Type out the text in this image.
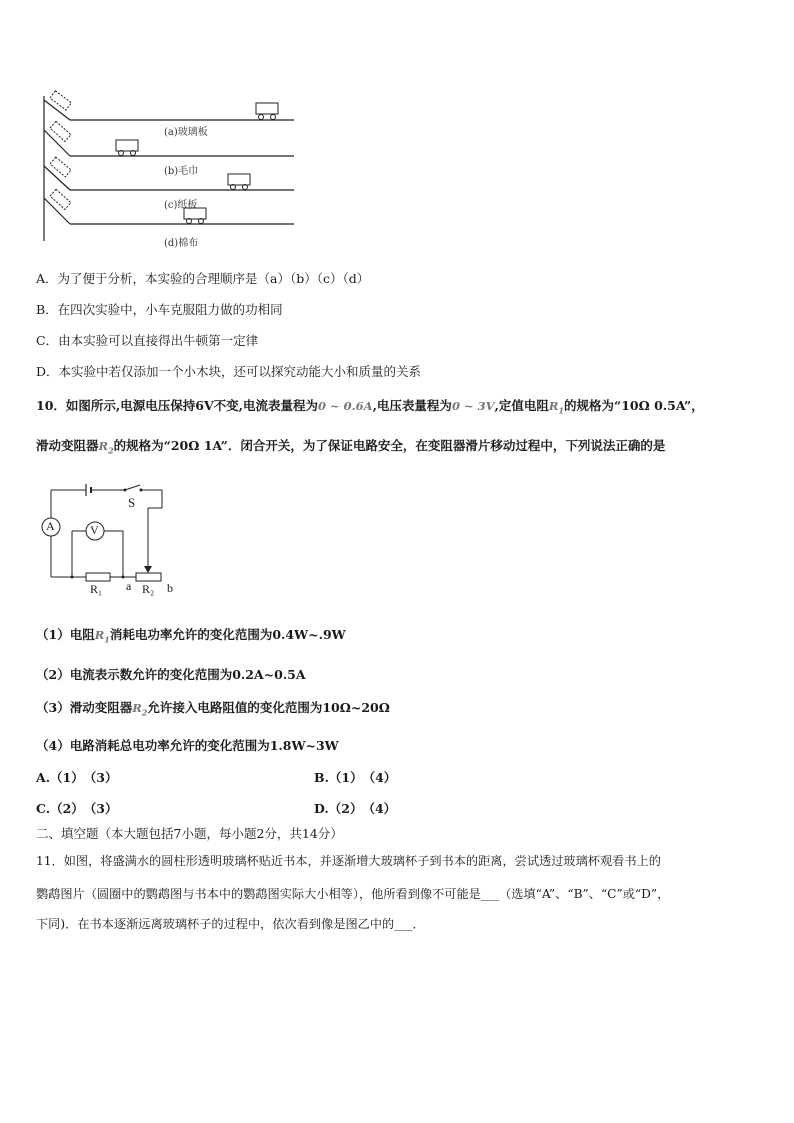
(a)玻璃板
(b)毛巾
(c)纸板
(d)棉布
A．为了便于分析，本实验的合理顺序是（a）（b）（c）（d）
B．在四次实验中，小车克服阻力做的功相同
C．由本实验可以直接得出牛顿第一定律
D．本实验中若仅添加一个小木块，还可以探究动能大小和质量的关系
10．如图所示,电源电压保持6V不变,电流表量程为0 ~ 0.6A,电压表量程为0 ~ 3V,定值电阻$R_1$的规格为“10Ω 0.5A”，
滑动变阻器$R_2$的规格为“20Ω 1A”．闭合开关，为了保证电路安全，在变阻器滑片移动过程中，下列说法正确的是
A	V
S
R₁ a R₂ b
（1）电阻$R_1$消耗电功率允许的变化范围为0.4W~.9W
（2）电流表示数允许的变化范围为0.2A~0.5A
（3）滑动变阻器$R_2$允许接入电路阻值的变化范围为10Ω~20Ω
（4）电路消耗总电功率允许的变化范围为1.8W~3W
A.（1）　（3）	B.（1）　（4）
C.（2）　（3）	D.（2）　（4）
二、填空题（本大题包括7小题，每小题2分，共14分）
11．如图，将盛满水的圆柱形透明玻璃杯贴近书本，并逐渐增大玻璃杯子到书本的距离，尝试透过玻璃杯观看书上的
鹦鹉图片（圆圈中的鹦鹉图与书本中的鹦鹉图实际大小相等），他所看到像不可能是___（选填“A”、“B”、“C”或“D”，
下同)．在书本逐渐远离玻璃杯子的过程中，依次看到像是图乙中的___．
